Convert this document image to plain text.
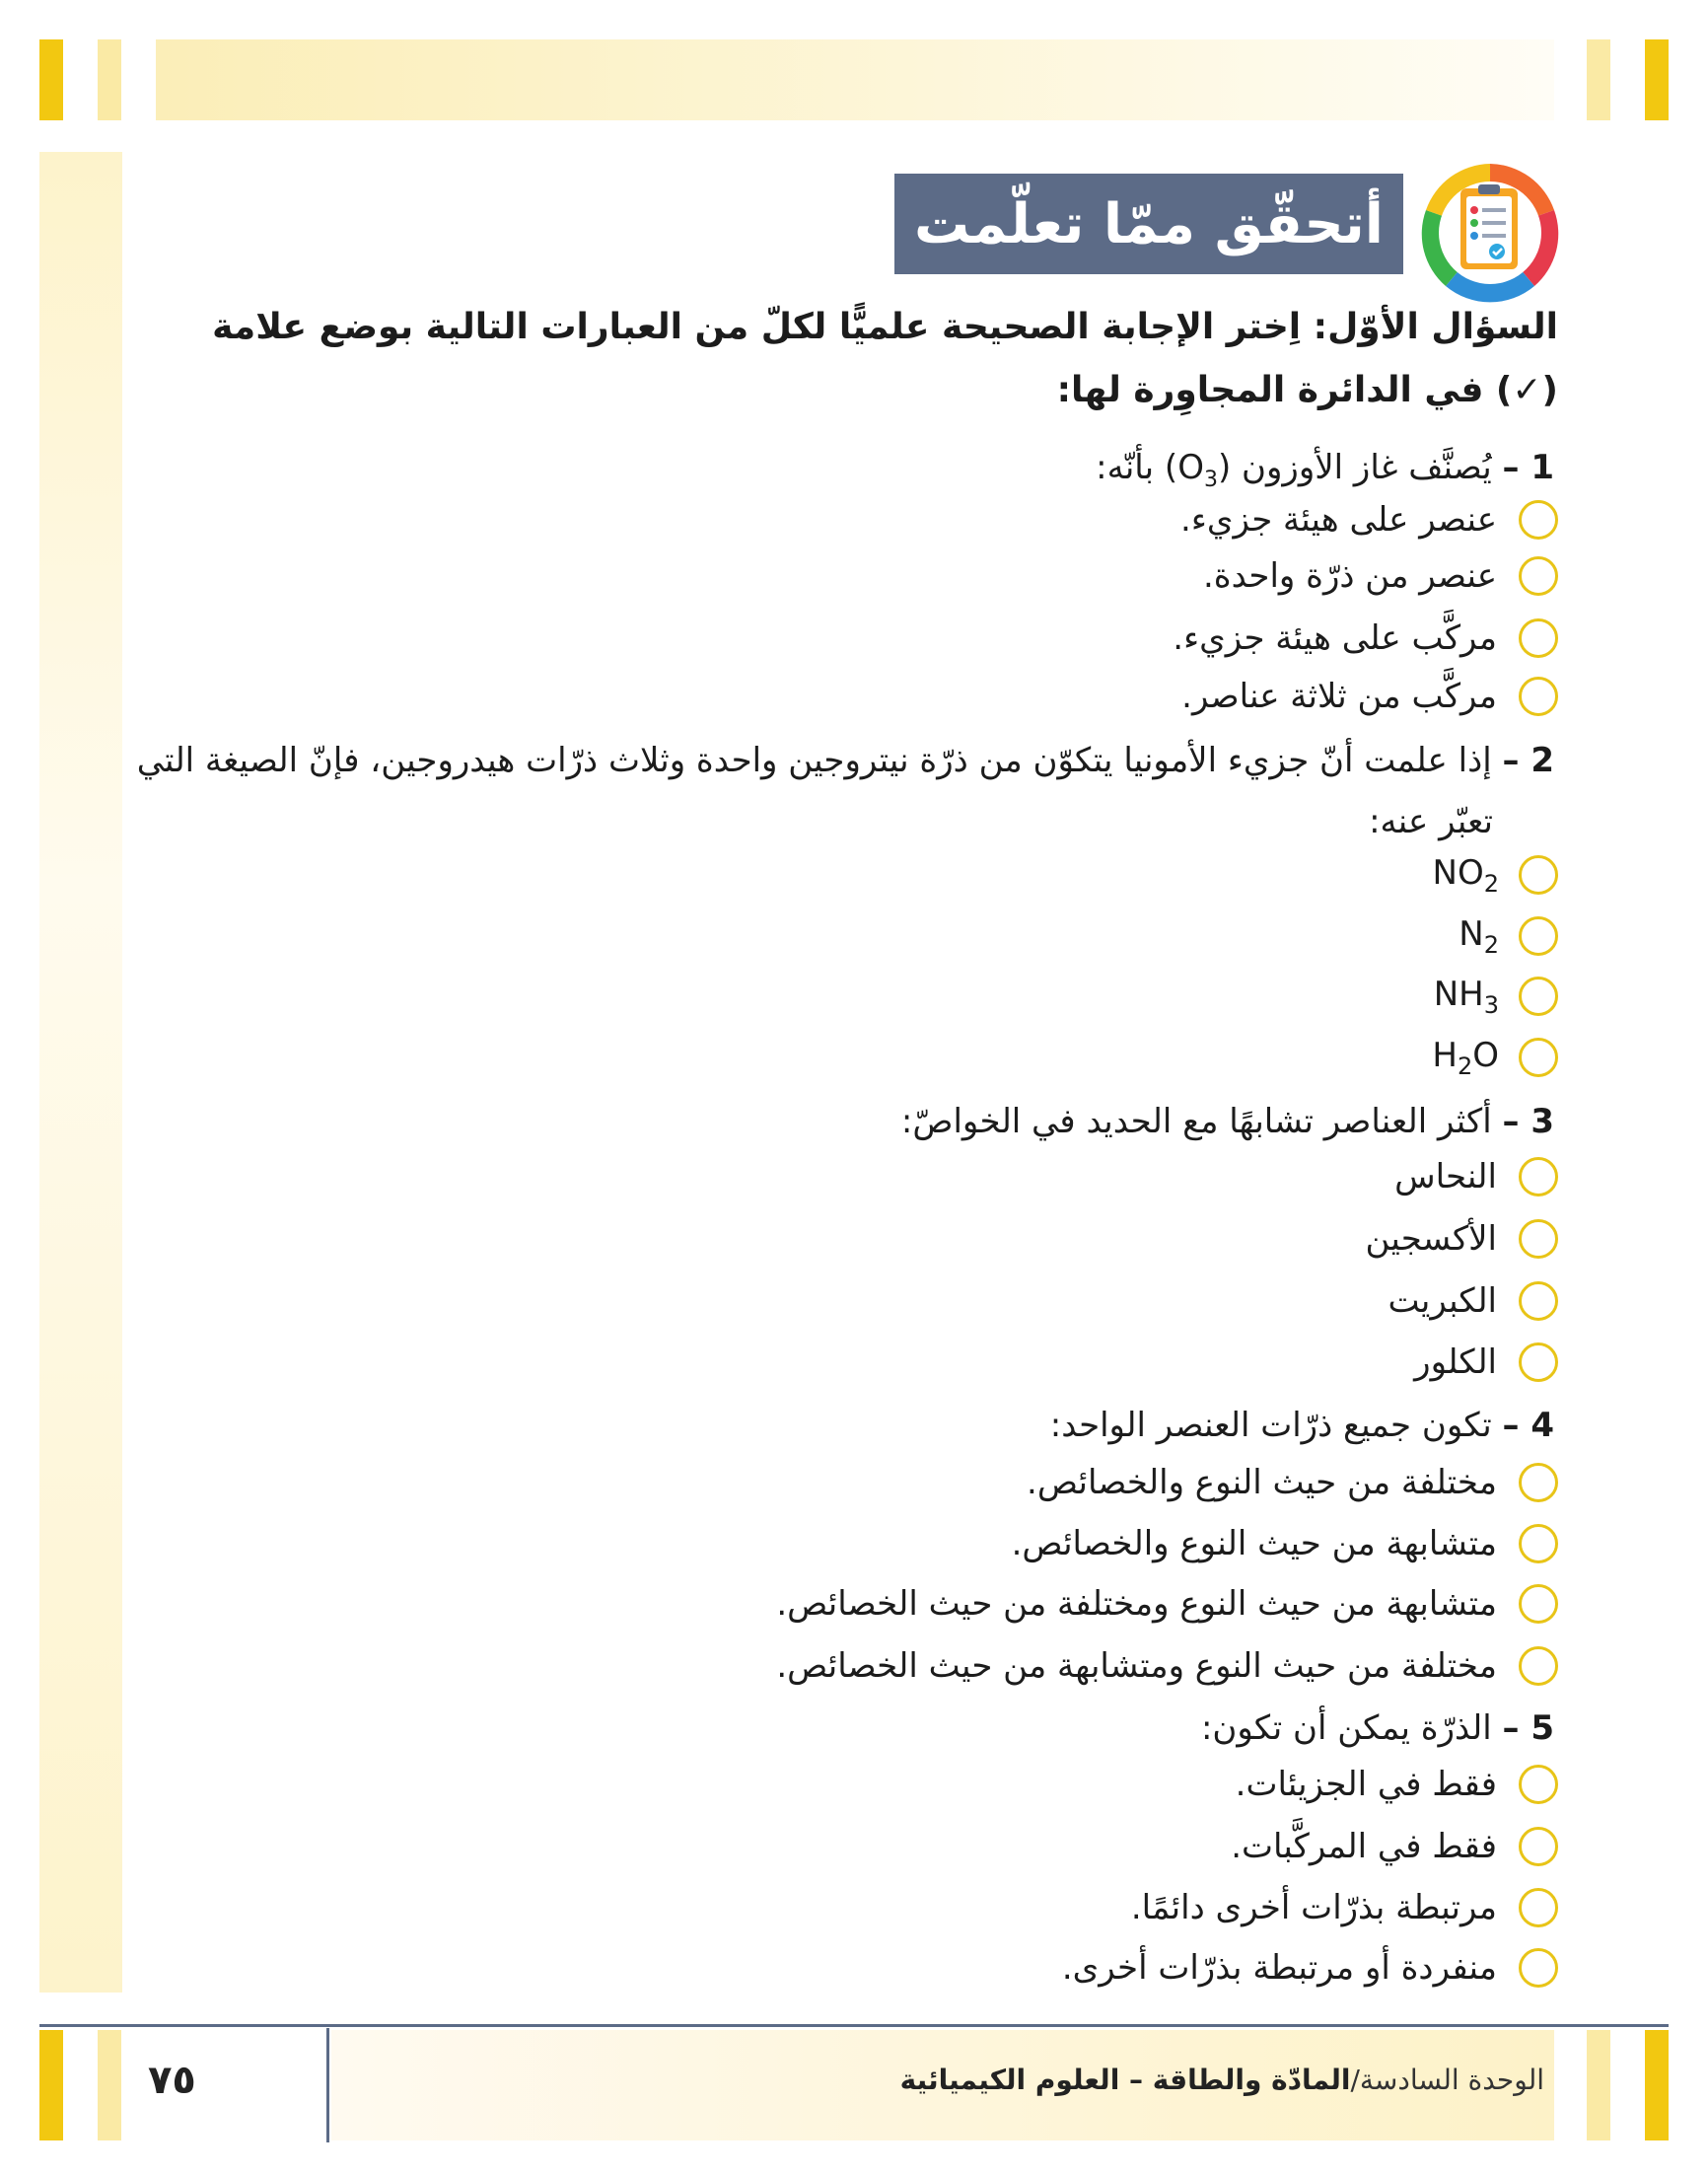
أتحقّق ممّا تعلّمت
السؤال الأوّل: اِختر الإجابة الصحيحة علميًّا لكلّ من العبارات التالية بوضع علامة (✓) في الدائرة المجاوِرة لها:
1 – يُصنَّف غاز الأوزون $(O_3)$ بأنّه:
عنصر على هيئة جزيء.
عنصر من ذرّة واحدة.
مركَّب على هيئة جزيء.
مركَّب من ثلاثة عناصر.
2 – إذا علمت أنّ جزيء الأمونيا يتكوّن من ذرّة نيتروجين واحدة وثلاث ذرّات هيدروجين، فإنّ الصيغة التي
تعبّر عنه:
$NO_2$
$N_2$
$NH_3$
$H_2O$
3 – أكثر العناصر تشابهًا مع الحديد في الخواصّ:
النحاس
الأكسجين
الكبريت
الكلور
4 – تكون جميع ذرّات العنصر الواحد:
مختلفة من حيث النوع والخصائص.
متشابهة من حيث النوع والخصائص.
متشابهة من حيث النوع ومختلفة من حيث الخصائص.
مختلفة من حيث النوع ومتشابهة من حيث الخصائص.
5 – الذرّة يمكن أن تكون:
فقط في الجزيئات.
فقط في المركَّبات.
مرتبطة بذرّات أخرى دائمًا.
منفردة أو مرتبطة بذرّات أخرى.
٧٥	الوحدة السادسة/المادّة والطاقة – العلوم الكيميائية
